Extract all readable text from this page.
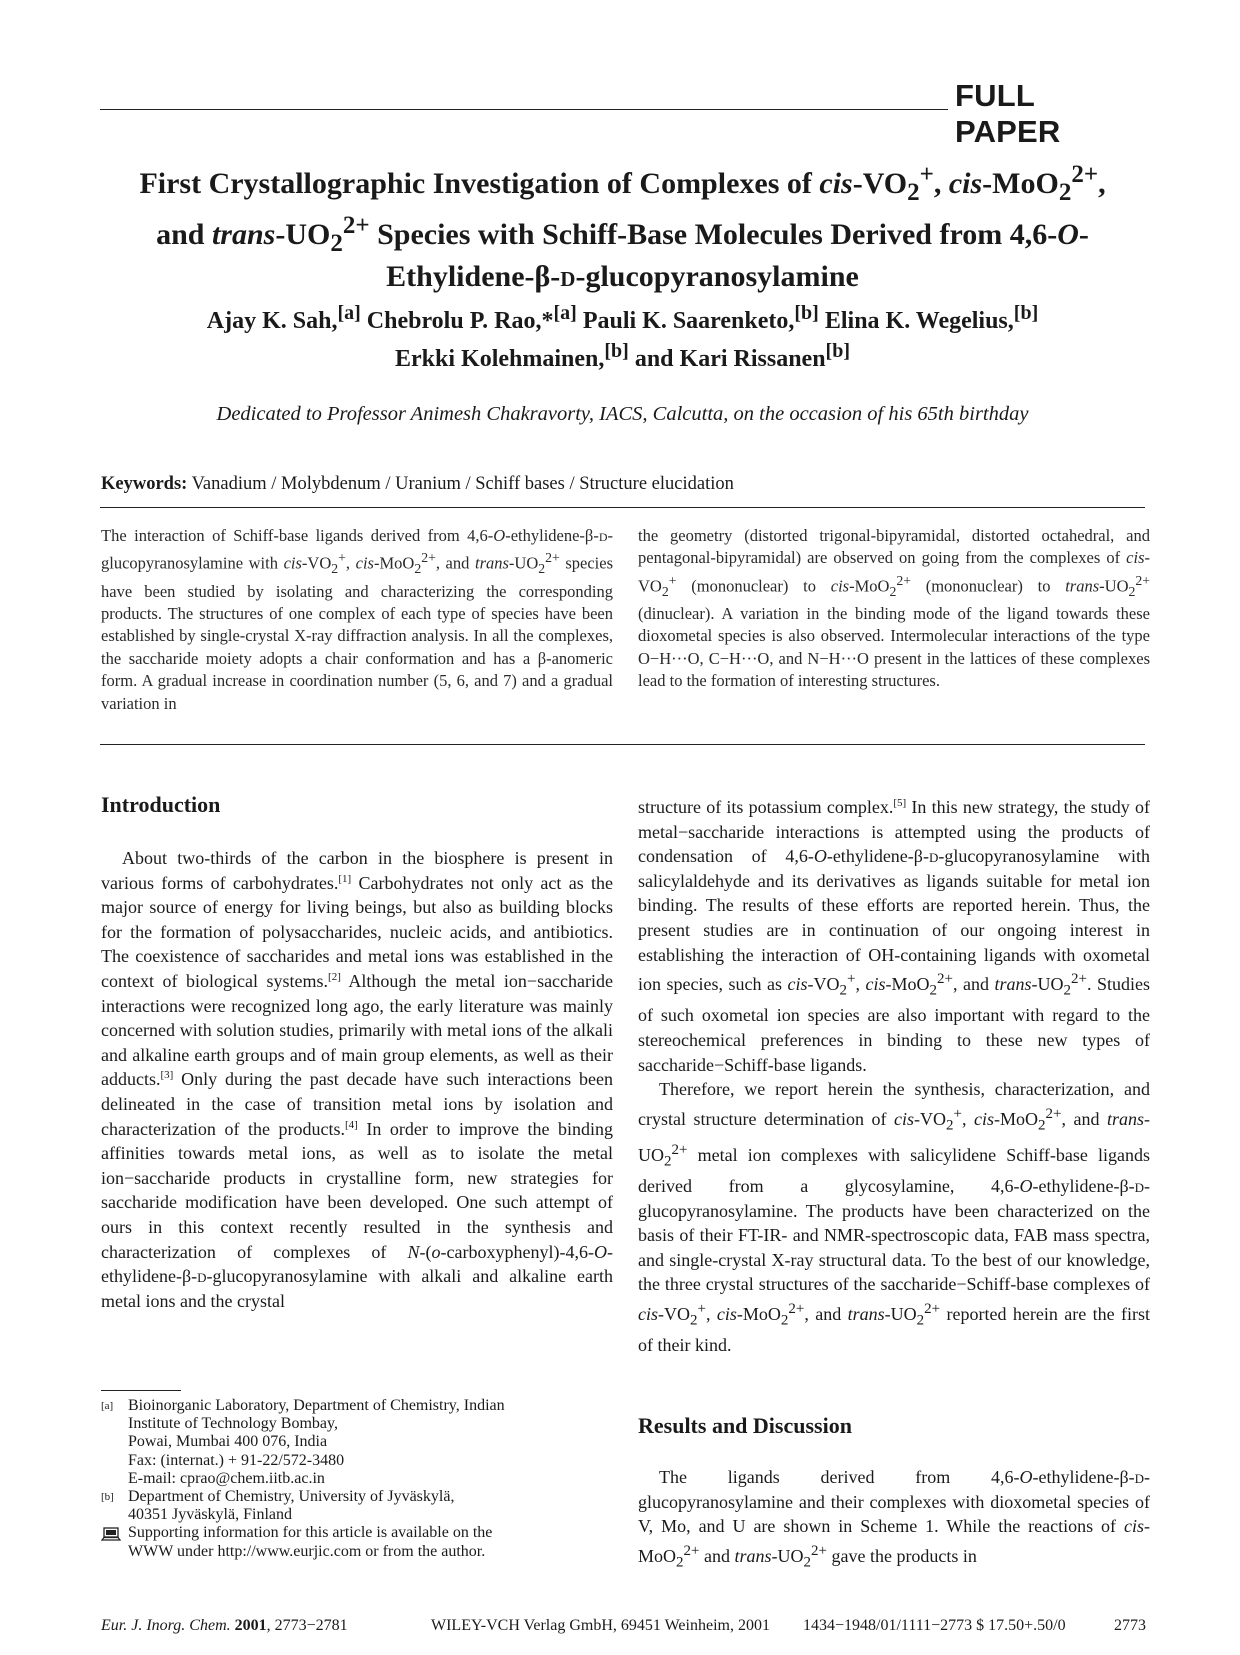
FULL PAPER
First Crystallographic Investigation of Complexes of cis-$VO_2^+$, cis-MoO$_2^{2+}$,
and trans-$UO_2^{2+}$ Species with Schiff-Base Molecules Derived from 4,6-O-
Ethylidene-β-d-glucopyranosylamine
Ajay K. Sah,[a] Chebrolu P. Rao,*[a] Pauli K. Saarenketo,[b] Elina K. Wegelius,[b]
Erkki Kolehmainen,[b] and Kari Rissanen[b]
Dedicated to Professor Animesh Chakravorty, IACS, Calcutta, on the occasion of his 65th birthday
Keywords: Vanadium / Molybdenum / Uranium / Schiff bases / Structure elucidation
The interaction of Schiff-base ligands derived from 4,6-O-ethylidene-β-d-glucopyranosylamine with cis-$VO_2^+$, cis-MoO$_2^{2+}$, and trans-$UO_2^{2+}$ species have been studied by isolating and characterizing the corresponding products. The structures of one complex of each type of species have been established by single-crystal X-ray diffraction analysis. In all the complexes, the saccharide moiety adopts a chair conformation and has a β-anomeric form. A gradual increase in coordination number (5, 6, and 7) and a gradual variation in
the geometry (distorted trigonal-bipyramidal, distorted octahedral, and pentagonal-bipyramidal) are observed on going from the complexes of cis-$VO_2^+$ (mononuclear) to cis-MoO$_2^{2+}$ (mononuclear) to trans-$UO_2^{2+}$ (dinuclear). A variation in the binding mode of the ligand towards these dioxometal species is also observed. Intermolecular interactions of the type O−H···O, C−H···O, and N−H···O present in the lattices of these complexes lead to the formation of interesting structures.
Introduction

About two-thirds of the carbon in the biosphere is present in various forms of carbohydrates.[1] Carbohydrates not only act as the major source of energy for living beings, but also as building blocks for the formation of polysaccharides, nucleic acids, and antibiotics. The coexistence of saccharides and metal ions was established in the context of biological systems.[2] Although the metal ion−saccharide interactions were recognized long ago, the early literature was mainly concerned with solution studies, primarily with metal ions of the alkali and alkaline earth groups and of main group elements, as well as their adducts.[3] Only during the past decade have such interactions been delineated in the case of transition metal ions by isolation and characterization of the products.[4] In order to improve the binding affinities towards metal ions, as well as to isolate the metal ion−saccharide products in crystalline form, new strategies for saccharide modification have been developed. One such attempt of ours in this context recently resulted in the synthesis and characterization of complexes of N-(o-carboxyphenyl)-4,6-O-ethylidene-β-d-glucopyranosylamine with alkali and alkaline earth metal ions and the crystal

structure of its potassium complex.[5] In this new strategy, the study of metal−saccharide interactions is attempted using the products of condensation of 4,6-O-ethylidene-β-d-glucopyranosylamine with salicylaldehyde and its derivatives as ligands suitable for metal ion binding. The results of these efforts are reported herein. Thus, the present studies are in continuation of our ongoing interest in establishing the interaction of OH-containing ligands with oxometal ion species, such as cis-$VO_2^+$, cis-MoO$_2^{2+}$, and trans-$UO_2^{2+}$. Studies of such oxometal ion species are also important with regard to the stereochemical preferences in binding to these new types of saccharide−Schiff-base ligands.

Therefore, we report herein the synthesis, characterization, and crystal structure determination of cis-$VO_2^+$, cis-MoO$_2^{2+}$, and trans-$UO_2^{2+}$ metal ion complexes with salicylidene Schiff-base ligands derived from a glycosylamine, 4,6-O-ethylidene-β-d-glucopyranosylamine. The products have been characterized on the basis of their FT-IR- and NMR-spectroscopic data, FAB mass spectra, and single-crystal X-ray structural data. To the best of our knowledge, the three crystal structures of the saccharide−Schiff-base complexes of cis-$VO_2^+$, cis-MoO$_2^{2+}$, and trans-$UO_2^{2+}$ reported herein are the first of their kind.

Results and Discussion

The ligands derived from 4,6-O-ethylidene-β-d-glucopyranosylamine and their complexes with dioxometal species of V, Mo, and U are shown in Scheme 1. While the reactions of cis-MoO$_2^{2+}$ and trans-$UO_2^{2+}$ gave the products in

[a] Bioinorganic Laboratory, Department of Chemistry, Indian
Institute of Technology Bombay,
Powai, Mumbai 400 076, India
Fax: (internat.) + 91-22/572-3480
E-mail: cprao@chem.iitb.ac.in
[b] Department of Chemistry, University of Jyväskylä,
40351 Jyväskylä, Finland
Supporting information for this article is available on the
WWW under http://www.eurjic.com or from the author.
Eur. J. Inorg. Chem. 2001, 2773−2781	WILEY-VCH Verlag GmbH, 69451 Weinheim, 2001 1434−1948/01/1111−2773 $ 17.50+.50/0	2773
